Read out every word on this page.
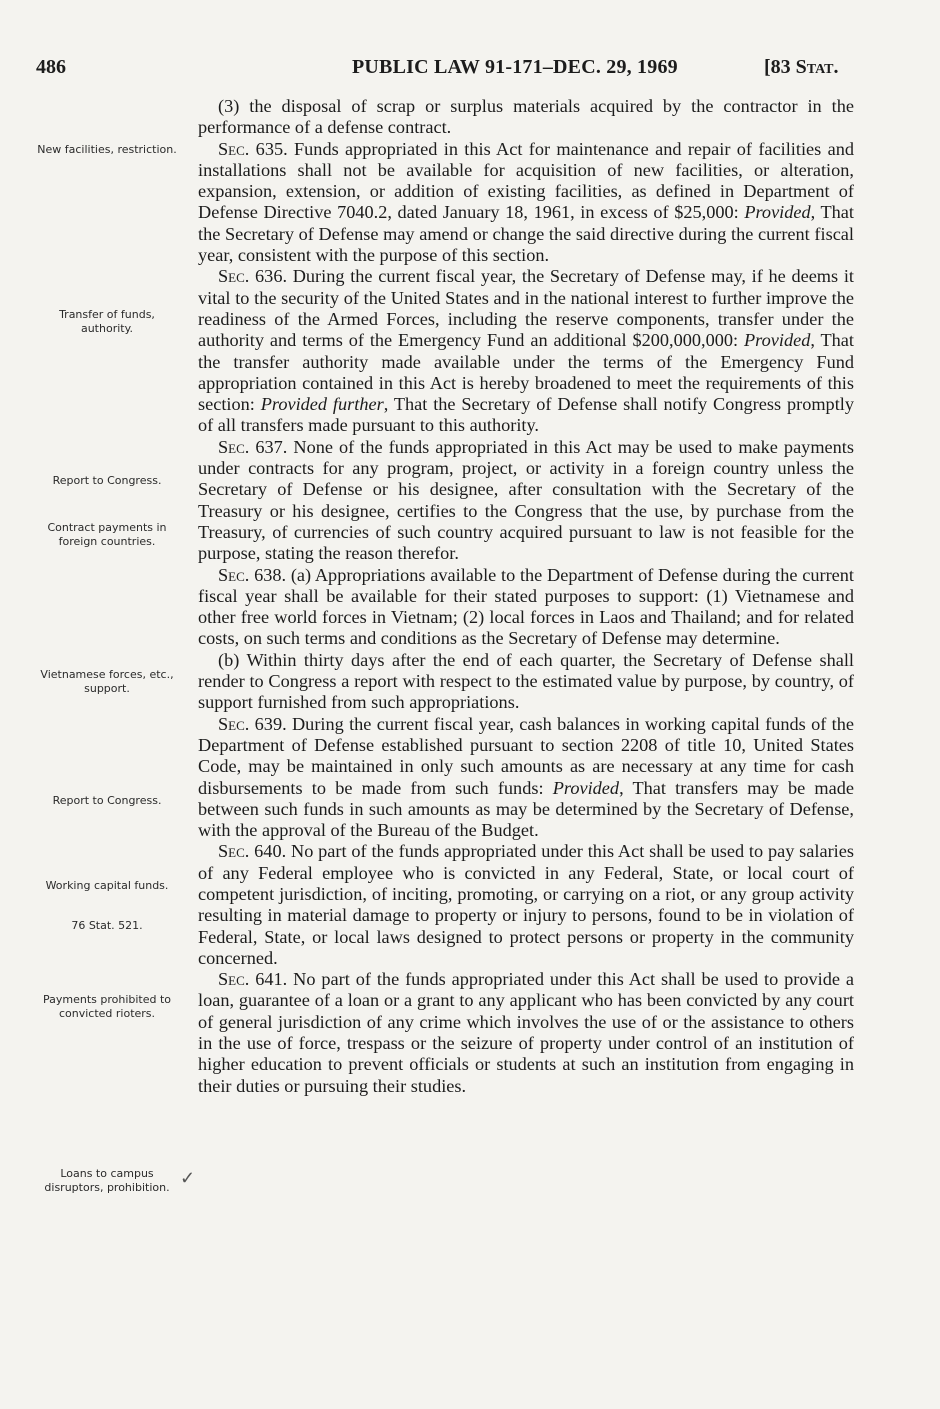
486	PUBLIC LAW 91-171–DEC. 29, 1969	[83 Stat.
New facilities, restriction.
Transfer of funds, authority.
Report to Congress.
Contract payments in foreign countries.
Vietnamese forces, etc., support.
Report to Congress.
Working capital funds.
76 Stat. 521.
Payments prohibited to convicted rioters.
Loans to campus disruptors, prohibition. ✓

(3) the disposal of scrap or surplus materials acquired by the contractor in the performance of a defense contract.

Sec. 635. Funds appropriated in this Act for maintenance and repair of facilities and installations shall not be available for acquisition of new facilities, or alteration, expansion, extension, or addition of existing facilities, as defined in Department of Defense Directive 7040.2, dated January 18, 1961, in excess of $25,000: Provided, That the Secretary of Defense may amend or change the said directive during the current fiscal year, consistent with the purpose of this section.

Sec. 636. During the current fiscal year, the Secretary of Defense may, if he deems it vital to the security of the United States and in the national interest to further improve the readiness of the Armed Forces, including the reserve components, transfer under the authority and terms of the Emergency Fund an additional $200,000,000: Provided, That the transfer authority made available under the terms of the Emergency Fund appropriation contained in this Act is hereby broadened to meet the requirements of this section: Provided further, That the Secretary of Defense shall notify Congress promptly of all transfers made pursuant to this authority.

Sec. 637. None of the funds appropriated in this Act may be used to make payments under contracts for any program, project, or activity in a foreign country unless the Secretary of Defense or his designee, after consultation with the Secretary of the Treasury or his designee, certifies to the Congress that the use, by purchase from the Treasury, of currencies of such country acquired pursuant to law is not feasible for the purpose, stating the reason therefor.

Sec. 638. (a) Appropriations available to the Department of Defense during the current fiscal year shall be available for their stated purposes to support: (1) Vietnamese and other free world forces in Vietnam; (2) local forces in Laos and Thailand; and for related costs, on such terms and conditions as the Secretary of Defense may determine.

(b) Within thirty days after the end of each quarter, the Secretary of Defense shall render to Congress a report with respect to the estimated value by purpose, by country, of support furnished from such appropriations.

Sec. 639. During the current fiscal year, cash balances in working capital funds of the Department of Defense established pursuant to section 2208 of title 10, United States Code, may be maintained in only such amounts as are necessary at any time for cash disbursements to be made from such funds: Provided, That transfers may be made between such funds in such amounts as may be determined by the Secretary of Defense, with the approval of the Bureau of the Budget.

Sec. 640. No part of the funds appropriated under this Act shall be used to pay salaries of any Federal employee who is convicted in any Federal, State, or local court of competent jurisdiction, of inciting, promoting, or carrying on a riot, or any group activity resulting in material damage to property or injury to persons, found to be in violation of Federal, State, or local laws designed to protect persons or property in the community concerned.

Sec. 641. No part of the funds appropriated under this Act shall be used to provide a loan, guarantee of a loan or a grant to any applicant who has been convicted by any court of general jurisdiction of any crime which involves the use of or the assistance to others in the use of force, trespass or the seizure of property under control of an institution of higher education to prevent officials or students at such an institution from engaging in their duties or pursuing their studies.
